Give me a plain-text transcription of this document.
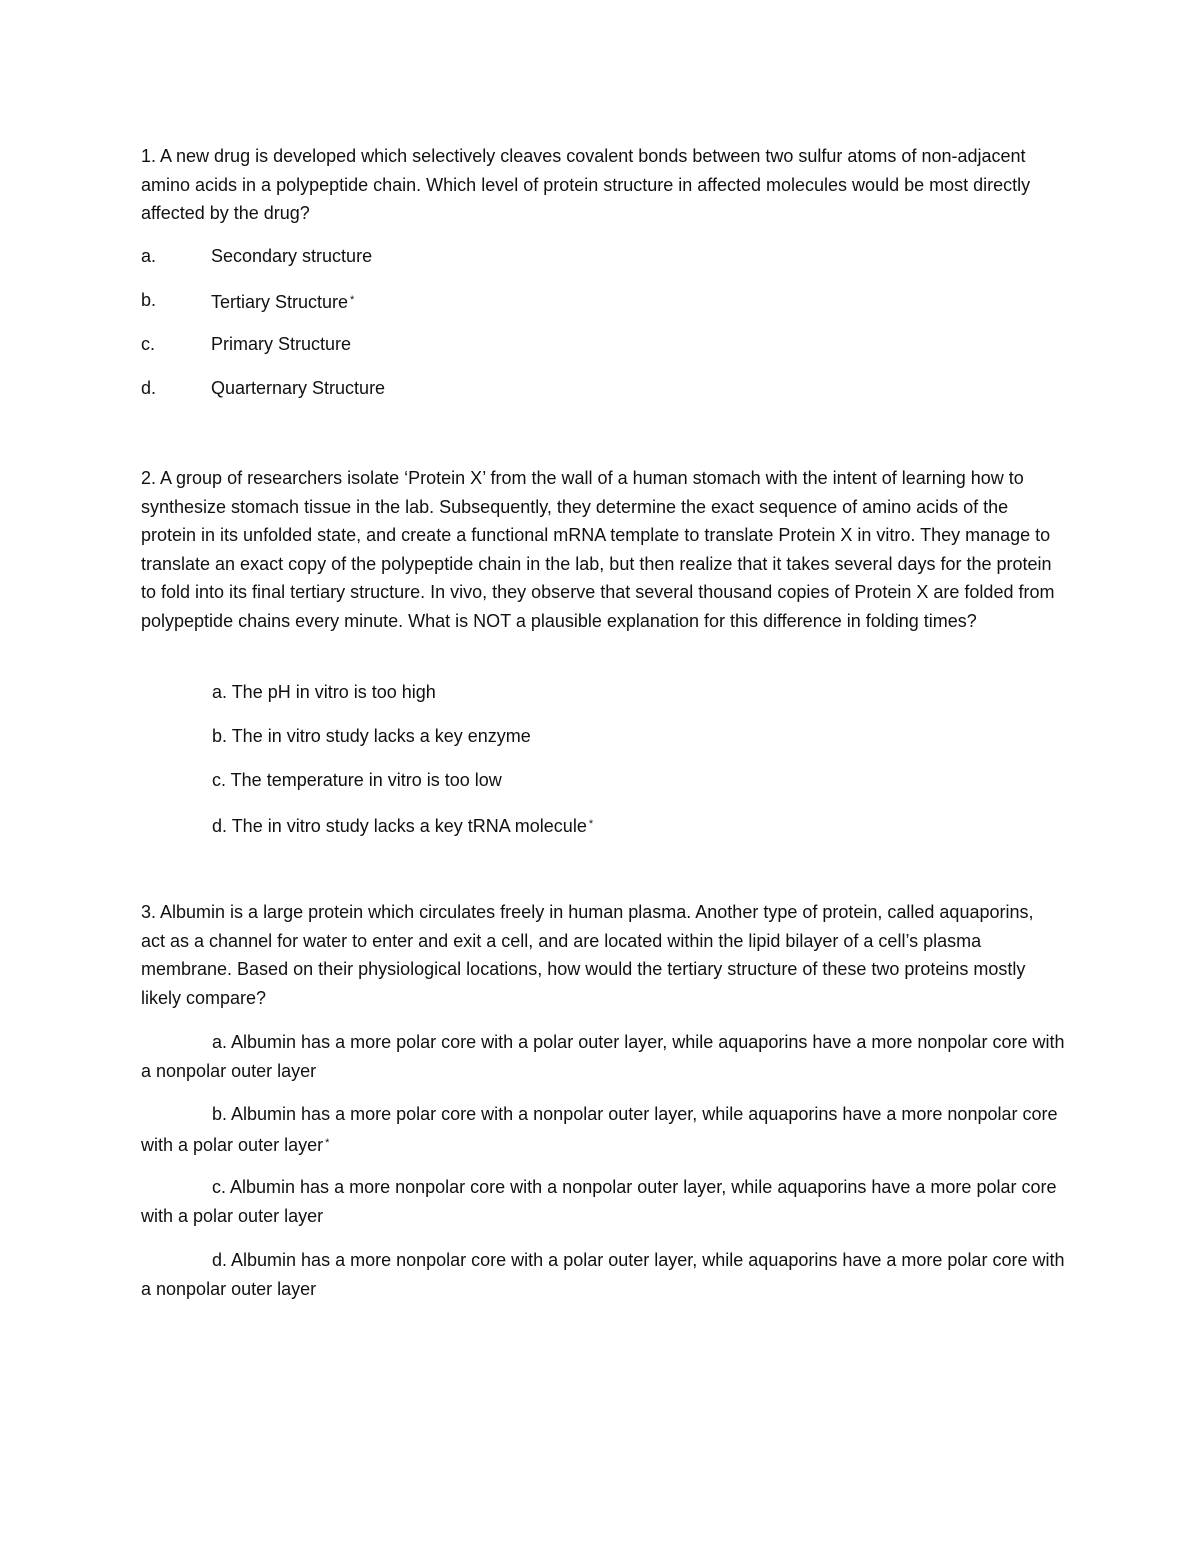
1. A new drug is developed which selectively cleaves covalent bonds between two sulfur atoms of non-adjacent amino acids in a polypeptide chain. Which level of protein structure in affected molecules would be most directly affected by the drug?

a.	Secondary structure
b.	Tertiary Structure *
c.	Primary Structure
d.	Quarternary Structure

2. A group of researchers isolate ‘Protein X’ from the wall of a human stomach with the intent of learning how to synthesize stomach tissue in the lab. Subsequently, they determine the exact sequence of amino acids of the protein in its unfolded state, and create a functional mRNA template to translate Protein X in vitro. They manage to translate an exact copy of the polypeptide chain in the lab, but then realize that it takes several days for the protein to fold into its final tertiary structure. In vivo, they observe that several thousand copies of Protein X are folded from polypeptide chains every minute. What is NOT a plausible explanation for this difference in folding times?

a. The pH in vitro is too high
b. The in vitro study lacks a key enzyme
c. The temperature in vitro is too low
d. The in vitro study lacks a key tRNA molecule *

3. Albumin is a large protein which circulates freely in human plasma. Another type of protein, called aquaporins, act as a channel for water to enter and exit a cell, and are located within the lipid bilayer of a cell’s plasma membrane. Based on their physiological locations, how would the tertiary structure of these two proteins mostly likely compare?

a. Albumin has a more polar core with a polar outer layer, while aquaporins have a more nonpolar core with a nonpolar outer layer

b. Albumin has a more polar core with a nonpolar outer layer, while aquaporins have a more nonpolar core with a polar outer layer *

c. Albumin has a more nonpolar core with a nonpolar outer layer, while aquaporins have a more polar core with a polar outer layer

d. Albumin has a more nonpolar core with a polar outer layer, while aquaporins have a more polar core with a nonpolar outer layer
